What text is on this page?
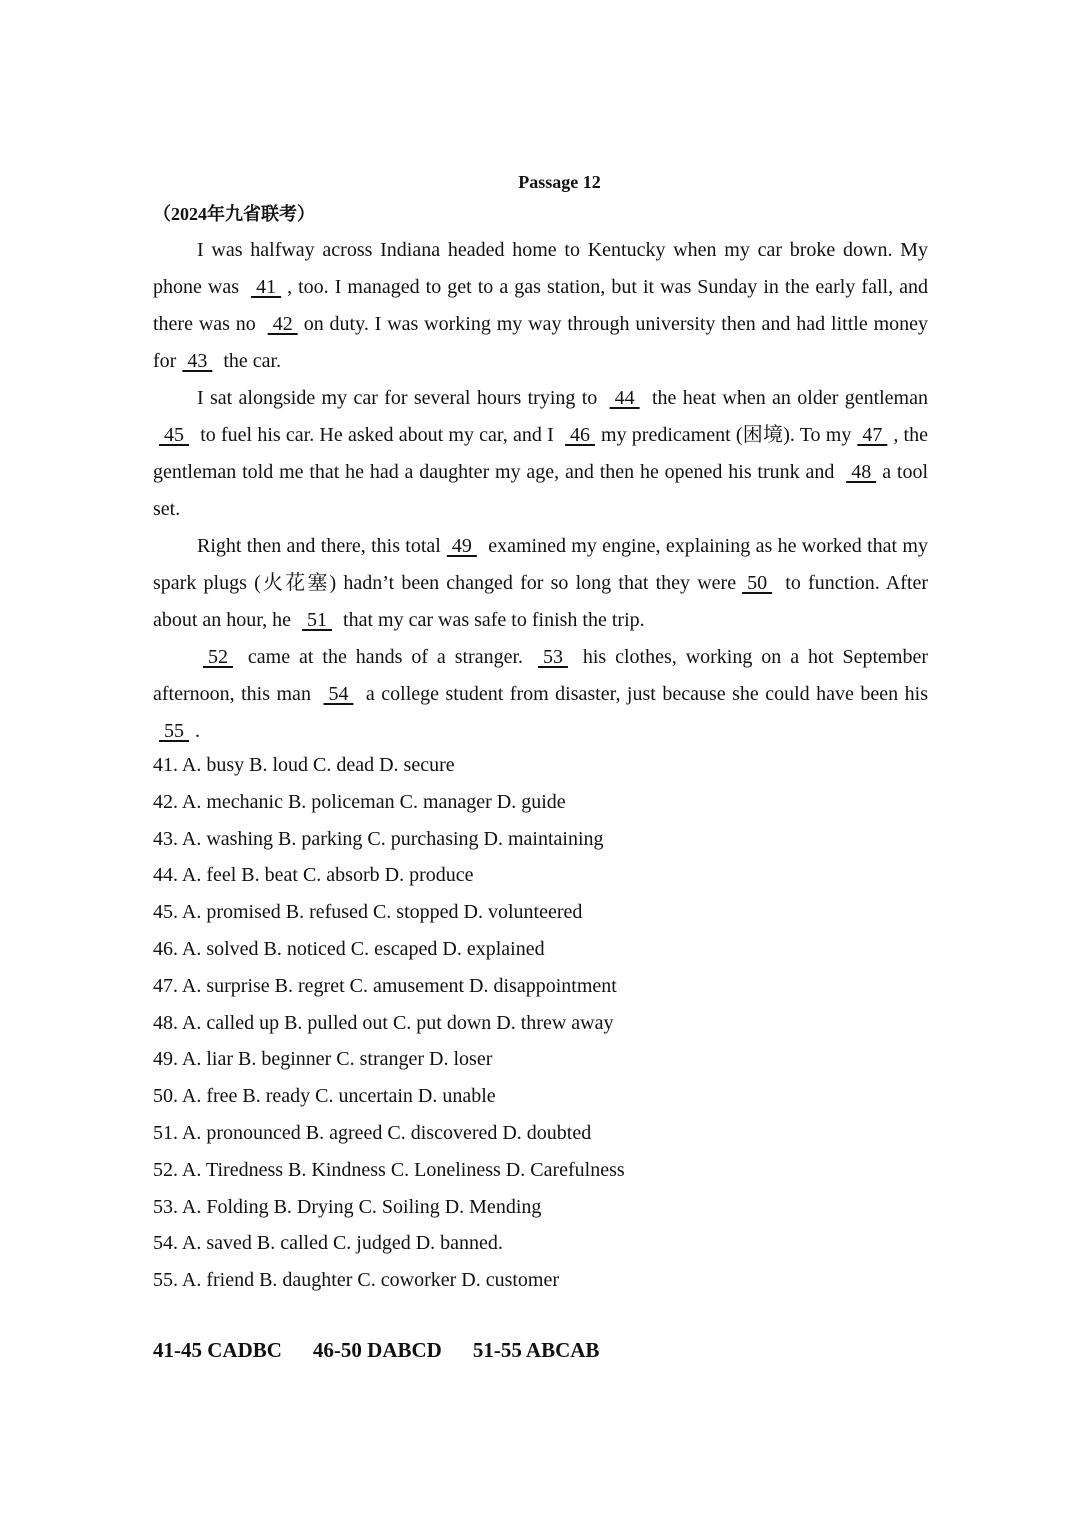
Passage 12
（2024年九省联考）

I was halfway across Indiana headed home to Kentucky when my car broke down. My phone was  41 , too. I managed to get to a gas station, but it was Sunday in the early fall, and there was no  42 on duty. I was working my way through university then and had little money for 43  the car.

I sat alongside my car for several hours trying to  44  the heat when an older gentleman  45  to fuel his car. He asked about my car, and I  46 my predicament (困境). To my 47 , the gentleman told me that he had a daughter my age, and then he opened his trunk and  48 a tool set.

Right then and there, this total 49  examined my engine, explaining as he worked that my spark plugs (火花塞) hadn’t been changed for so long that they were 50  to function. After about an hour, he  51  that my car was safe to finish the trip.

52  came at the hands of a stranger.  53  his clothes, working on a hot September afternoon, this man  54  a college student from disaster, just because she could have been his 55 .

41. A. busy B. loud C. dead D. secure
42. A. mechanic B. policeman C. manager D. guide
43. A. washing B. parking C. purchasing D. maintaining
44. A. feel B. beat C. absorb D. produce
45. A. promised B. refused C. stopped D. volunteered
46. A. solved B. noticed C. escaped D. explained
47. A. surprise B. regret C. amusement D. disappointment
48. A. called up B. pulled out C. put down D. threw away
49. A. liar B. beginner C. stranger D. loser
50. A. free B. ready C. uncertain D. unable
51. A. pronounced B. agreed C. discovered D. doubted
52. A. Tiredness B. Kindness C. Loneliness D. Carefulness
53. A. Folding B. Drying C. Soiling D. Mending
54. A. saved B. called C. judged D. banned.
55. A. friend B. daughter C. coworker D. customer
41-45 CADBC 46-50 DABCD 51-55 ABCAB
